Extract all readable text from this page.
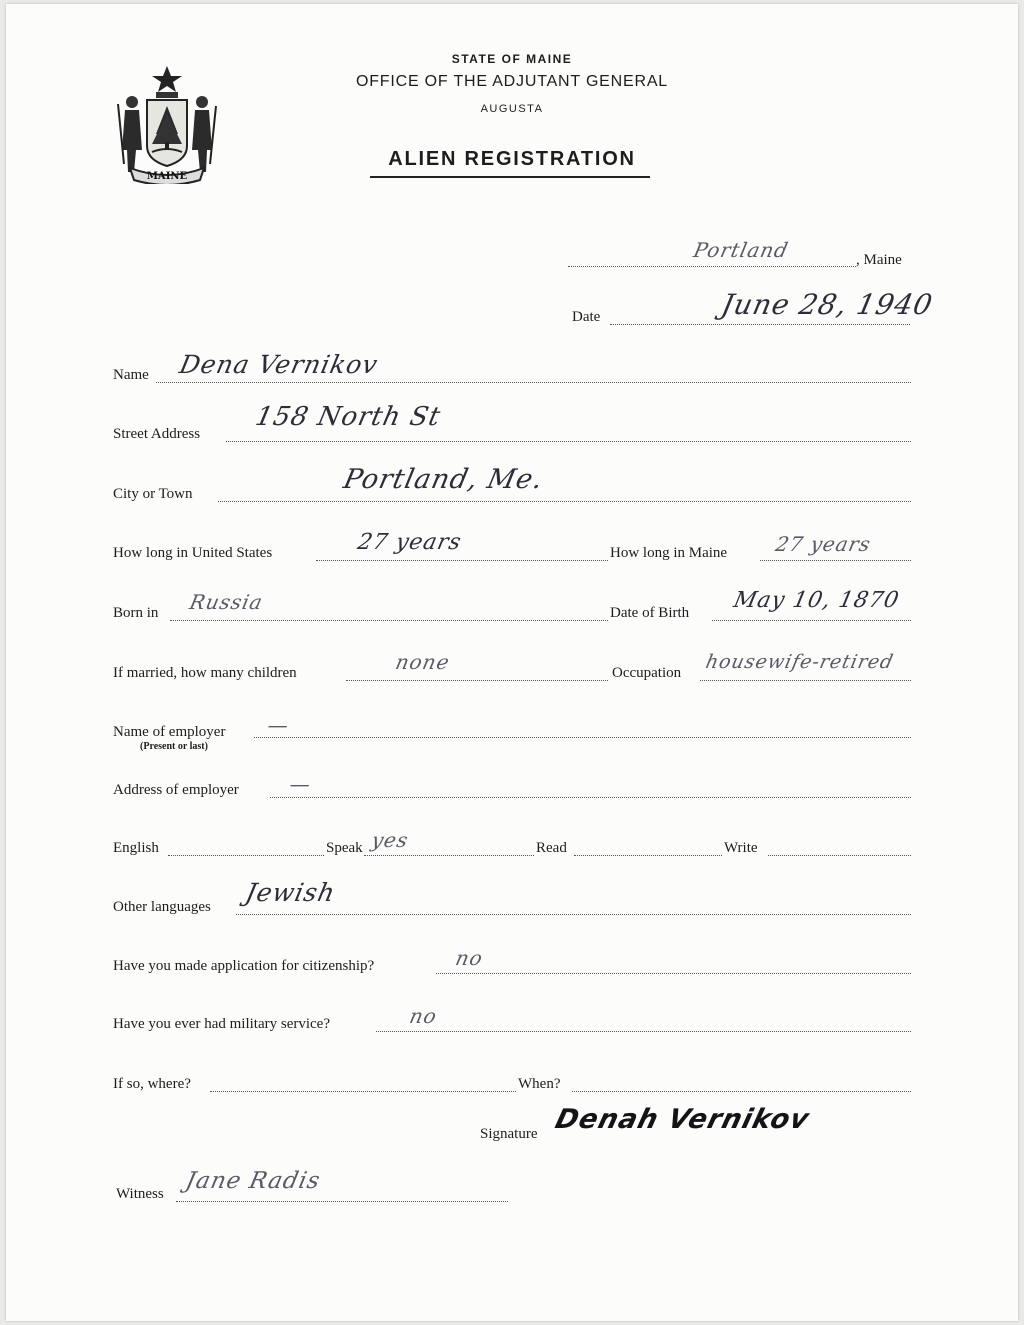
MAINE
STATE OF MAINE
OFFICE OF THE ADJUTANT GENERAL
AUGUSTA
ALIEN REGISTRATION
Portland	, Maine
Date	June 28, 1940
Name Dena Vernikov
Street Address
158 North St
City or Town	Portland, Me.
How long in United States	27 years	How long in Maine 27 years
Born in Russia	Date of Birth May 10, 1870
If married, how many children	none	Occupation housewife-retired
Name of employer
(Present or last)
—
Address of employer —
English	Speak yes	Read	Write
Other languages Jewish
Have you made application for citizenship?	no
Have you ever had military service?	no
If so, where?	When?
Signature Denah Vernikov
Witness Jane Radis
